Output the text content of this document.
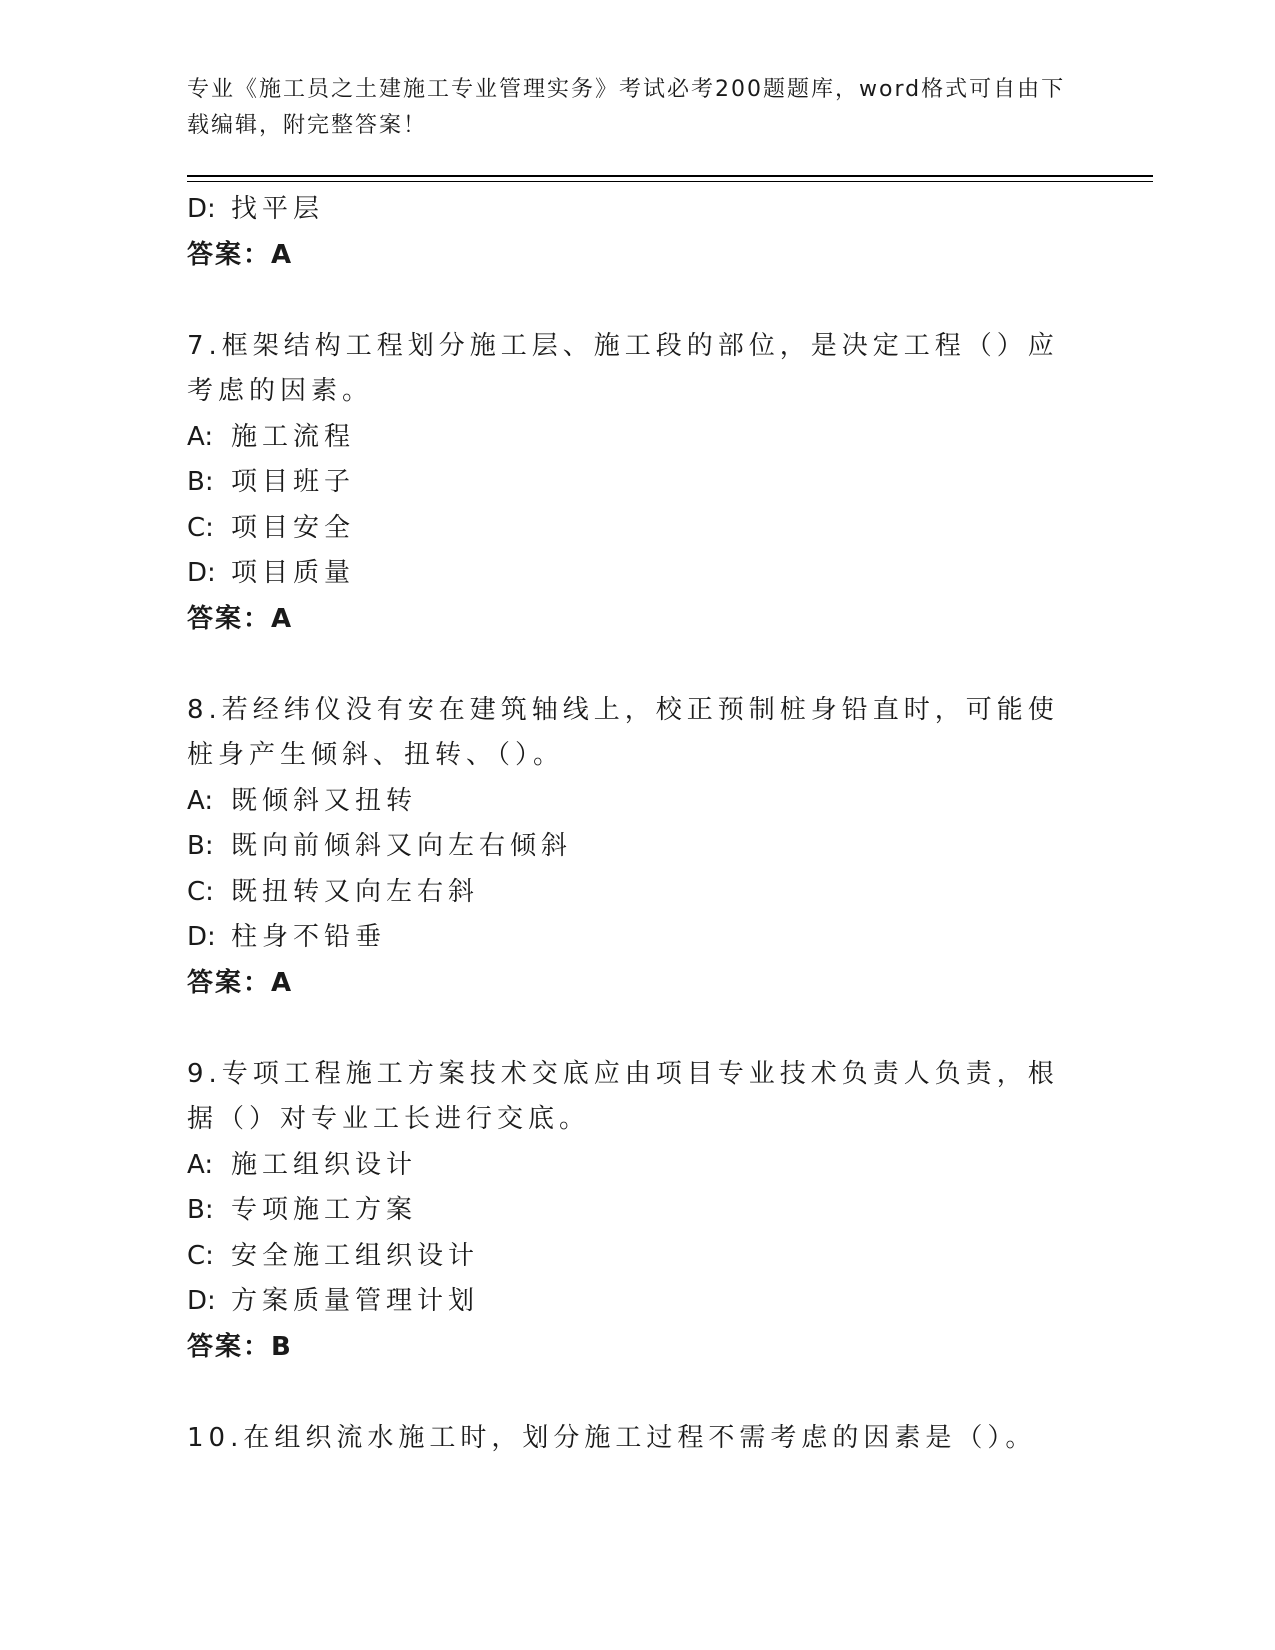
专业《施工员之土建施工专业管理实务》考试必考200题题库，word格式可自由下载编辑，附完整答案！
D: 找平层
答案：A
7.框架结构工程划分施工层、施工段的部位，是决定工程（）应考虑的因素。
A: 施工流程
B: 项目班子
C: 项目安全
D: 项目质量
答案：A
8.若经纬仪没有安在建筑轴线上，校正预制桩身铅直时，可能使桩身产生倾斜、扭转、（）。
A: 既倾斜又扭转
B: 既向前倾斜又向左右倾斜
C: 既扭转又向左右斜
D: 柱身不铅垂
答案：A
9.专项工程施工方案技术交底应由项目专业技术负责人负责，根据（）对专业工长进行交底。
A: 施工组织设计
B: 专项施工方案
C: 安全施工组织设计
D: 方案质量管理计划
答案：B
10.在组织流水施工时，划分施工过程不需考虑的因素是（）。
